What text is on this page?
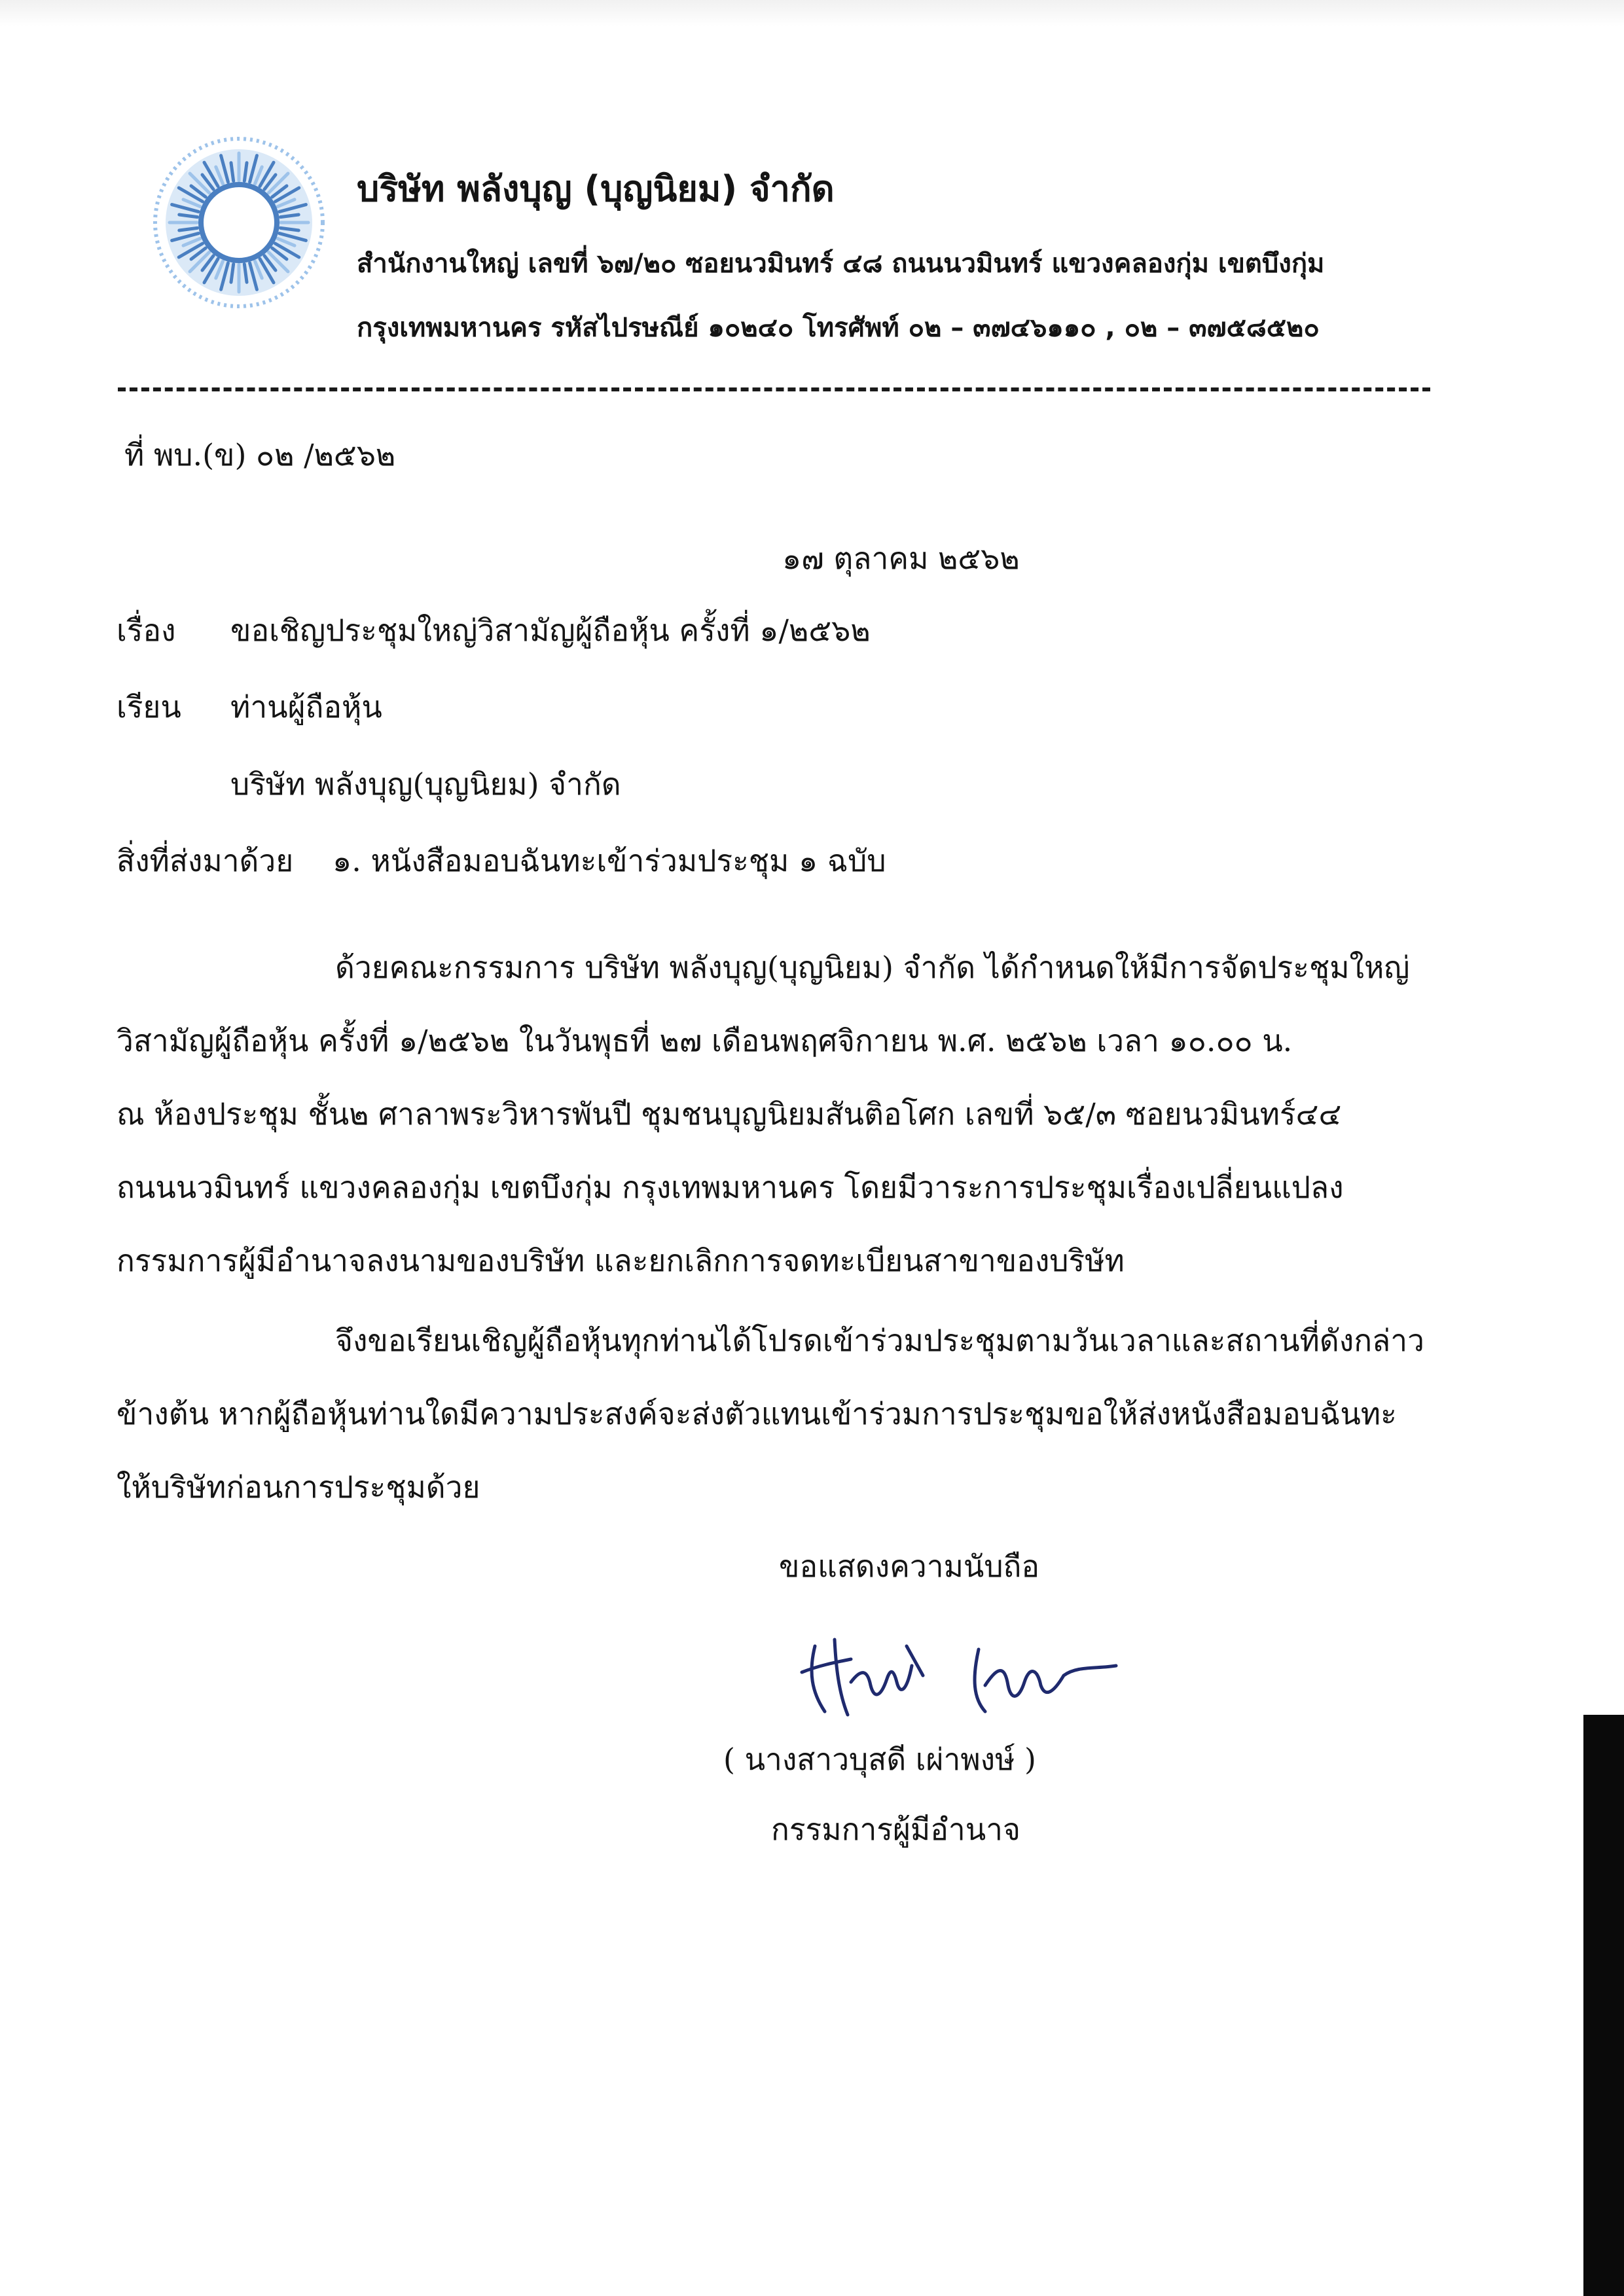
บริษัท พลังบุญ (บุญนิยม) จำกัด
สำนักงานใหญ่ เลขที่ ๖๗/๒๐ ซอยนวมินทร์ ๔๘ ถนนนวมินทร์ แขวงคลองกุ่ม เขตบึงกุ่ม
กรุงเทพมหานคร รหัสไปรษณีย์ ๑๐๒๔๐ โทรศัพท์ ๐๒ – ๓๗๔๖๑๑๐ , ๐๒ – ๓๗๕๘๕๒๐
ที่ พบ.(ข) ๐๒ /๒๕๖๒
๑๗ ตุลาคม ๒๕๖๒
เรื่อง ขอเชิญประชุมใหญ่วิสามัญผู้ถือหุ้น ครั้งที่ ๑/๒๕๖๒
เรียน ท่านผู้ถือหุ้น
บริษัท พลังบุญ(บุญนิยม) จำกัด
สิ่งที่ส่งมาด้วย ๑. หนังสือมอบฉันทะเข้าร่วมประชุม ๑ ฉบับ
ด้วยคณะกรรมการ บริษัท พลังบุญ(บุญนิยม) จำกัด ได้กำหนดให้มีการจัดประชุมใหญ่
วิสามัญผู้ถือหุ้น ครั้งที่ ๑/๒๕๖๒ ในวันพุธที่ ๒๗ เดือนพฤศจิกายน พ.ศ. ๒๕๖๒ เวลา ๑๐.๐๐ น.
ณ ห้องประชุม ชั้น๒ ศาลาพระวิหารพันปี ชุมชนบุญนิยมสันติอโศก เลขที่ ๖๕/๓ ซอยนวมินทร์๔๔
ถนนนวมินทร์ แขวงคลองกุ่ม เขตบึงกุ่ม กรุงเทพมหานคร โดยมีวาระการประชุมเรื่องเปลี่ยนแปลง
กรรมการผู้มีอำนาจลงนามของบริษัท และยกเลิกการจดทะเบียนสาขาของบริษัท
จึงขอเรียนเชิญผู้ถือหุ้นทุกท่านได้โปรดเข้าร่วมประชุมตามวันเวลาและสถานที่ดังกล่าว
ข้างต้น หากผู้ถือหุ้นท่านใดมีความประสงค์จะส่งตัวแทนเข้าร่วมการประชุมขอให้ส่งหนังสือมอบฉันทะ
ให้บริษัทก่อนการประชุมด้วย
ขอแสดงความนับถือ
( นางสาวบุสดี เผ่าพงษ์ )
กรรมการผู้มีอำนาจ
